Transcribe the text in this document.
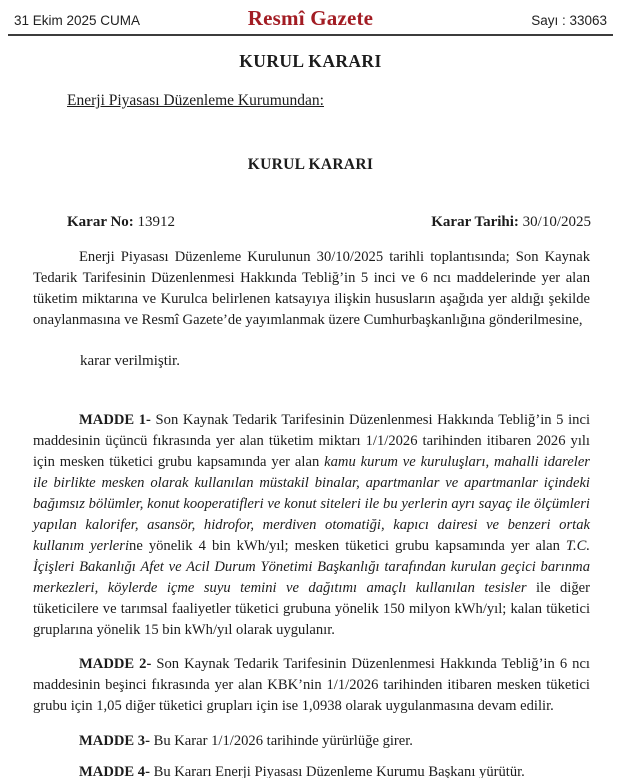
31 Ekim 2025 CUMA	Resmî Gazete	Sayı : 33063
KURUL KARARI
Enerji Piyasası Düzenleme Kurumundan:
KURUL KARARI
Karar No: 13912	Karar Tarihi: 30/10/2025

Enerji Piyasası Düzenleme Kurulunun 30/10/2025 tarihli toplantısında; Son Kaynak Tedarik Tarifesinin Düzenlenmesi Hakkında Tebliğ’in 5 inci ve 6 ncı maddelerinde yer alan tüketim miktarına ve Kurulca belirlenen katsayıya ilişkin hususların aşağıda yer aldığı şekilde onaylanmasına ve Resmî Gazete’de yayımlanmak üzere Cumhurbaşkanlığına gönderilmesine,

karar verilmiştir.

MADDE 1- Son Kaynak Tedarik Tarifesinin Düzenlenmesi Hakkında Tebliğ’in 5 inci maddesinin üçüncü fıkrasında yer alan tüketim miktarı 1/1/2026 tarihinden itibaren 2026 yılı için mesken tüketici grubu kapsamında yer alan kamu kurum ve kuruluşları, mahalli idareler ile birlikte mesken olarak kullanılan müstakil binalar, apartmanlar ve apartmanlar içindeki bağımsız bölümler, konut kooperatifleri ve konut siteleri ile bu yerlerin ayrı sayaç ile ölçümleri yapılan kalorifer, asansör, hidrofor, merdiven otomatiği, kapıcı dairesi ve benzeri ortak kullanım yerlerine yönelik 4 bin kWh/yıl; mesken tüketici grubu kapsamında yer alan T.C. İçişleri Bakanlığı Afet ve Acil Durum Yönetimi Başkanlığı tarafından kurulan geçici barınma merkezleri, köylerde içme suyu temini ve dağıtımı amaçlı kullanılan tesisler ile diğer tüketicilere ve tarımsal faaliyetler tüketici grubuna yönelik 150 milyon kWh/yıl; kalan tüketici gruplarına yönelik 15 bin kWh/yıl olarak uygulanır.

MADDE 2- Son Kaynak Tedarik Tarifesinin Düzenlenmesi Hakkında Tebliğ’in 6 ncı maddesinin beşinci fıkrasında yer alan KBK’nin 1/1/2026 tarihinden itibaren mesken tüketici grubu için 1,05 diğer tüketici grupları için ise 1,0938 olarak uygulanmasına devam edilir.

MADDE 3- Bu Karar 1/1/2026 tarihinde yürürlüğe girer.

MADDE 4- Bu Kararı Enerji Piyasası Düzenleme Kurumu Başkanı yürütür.
